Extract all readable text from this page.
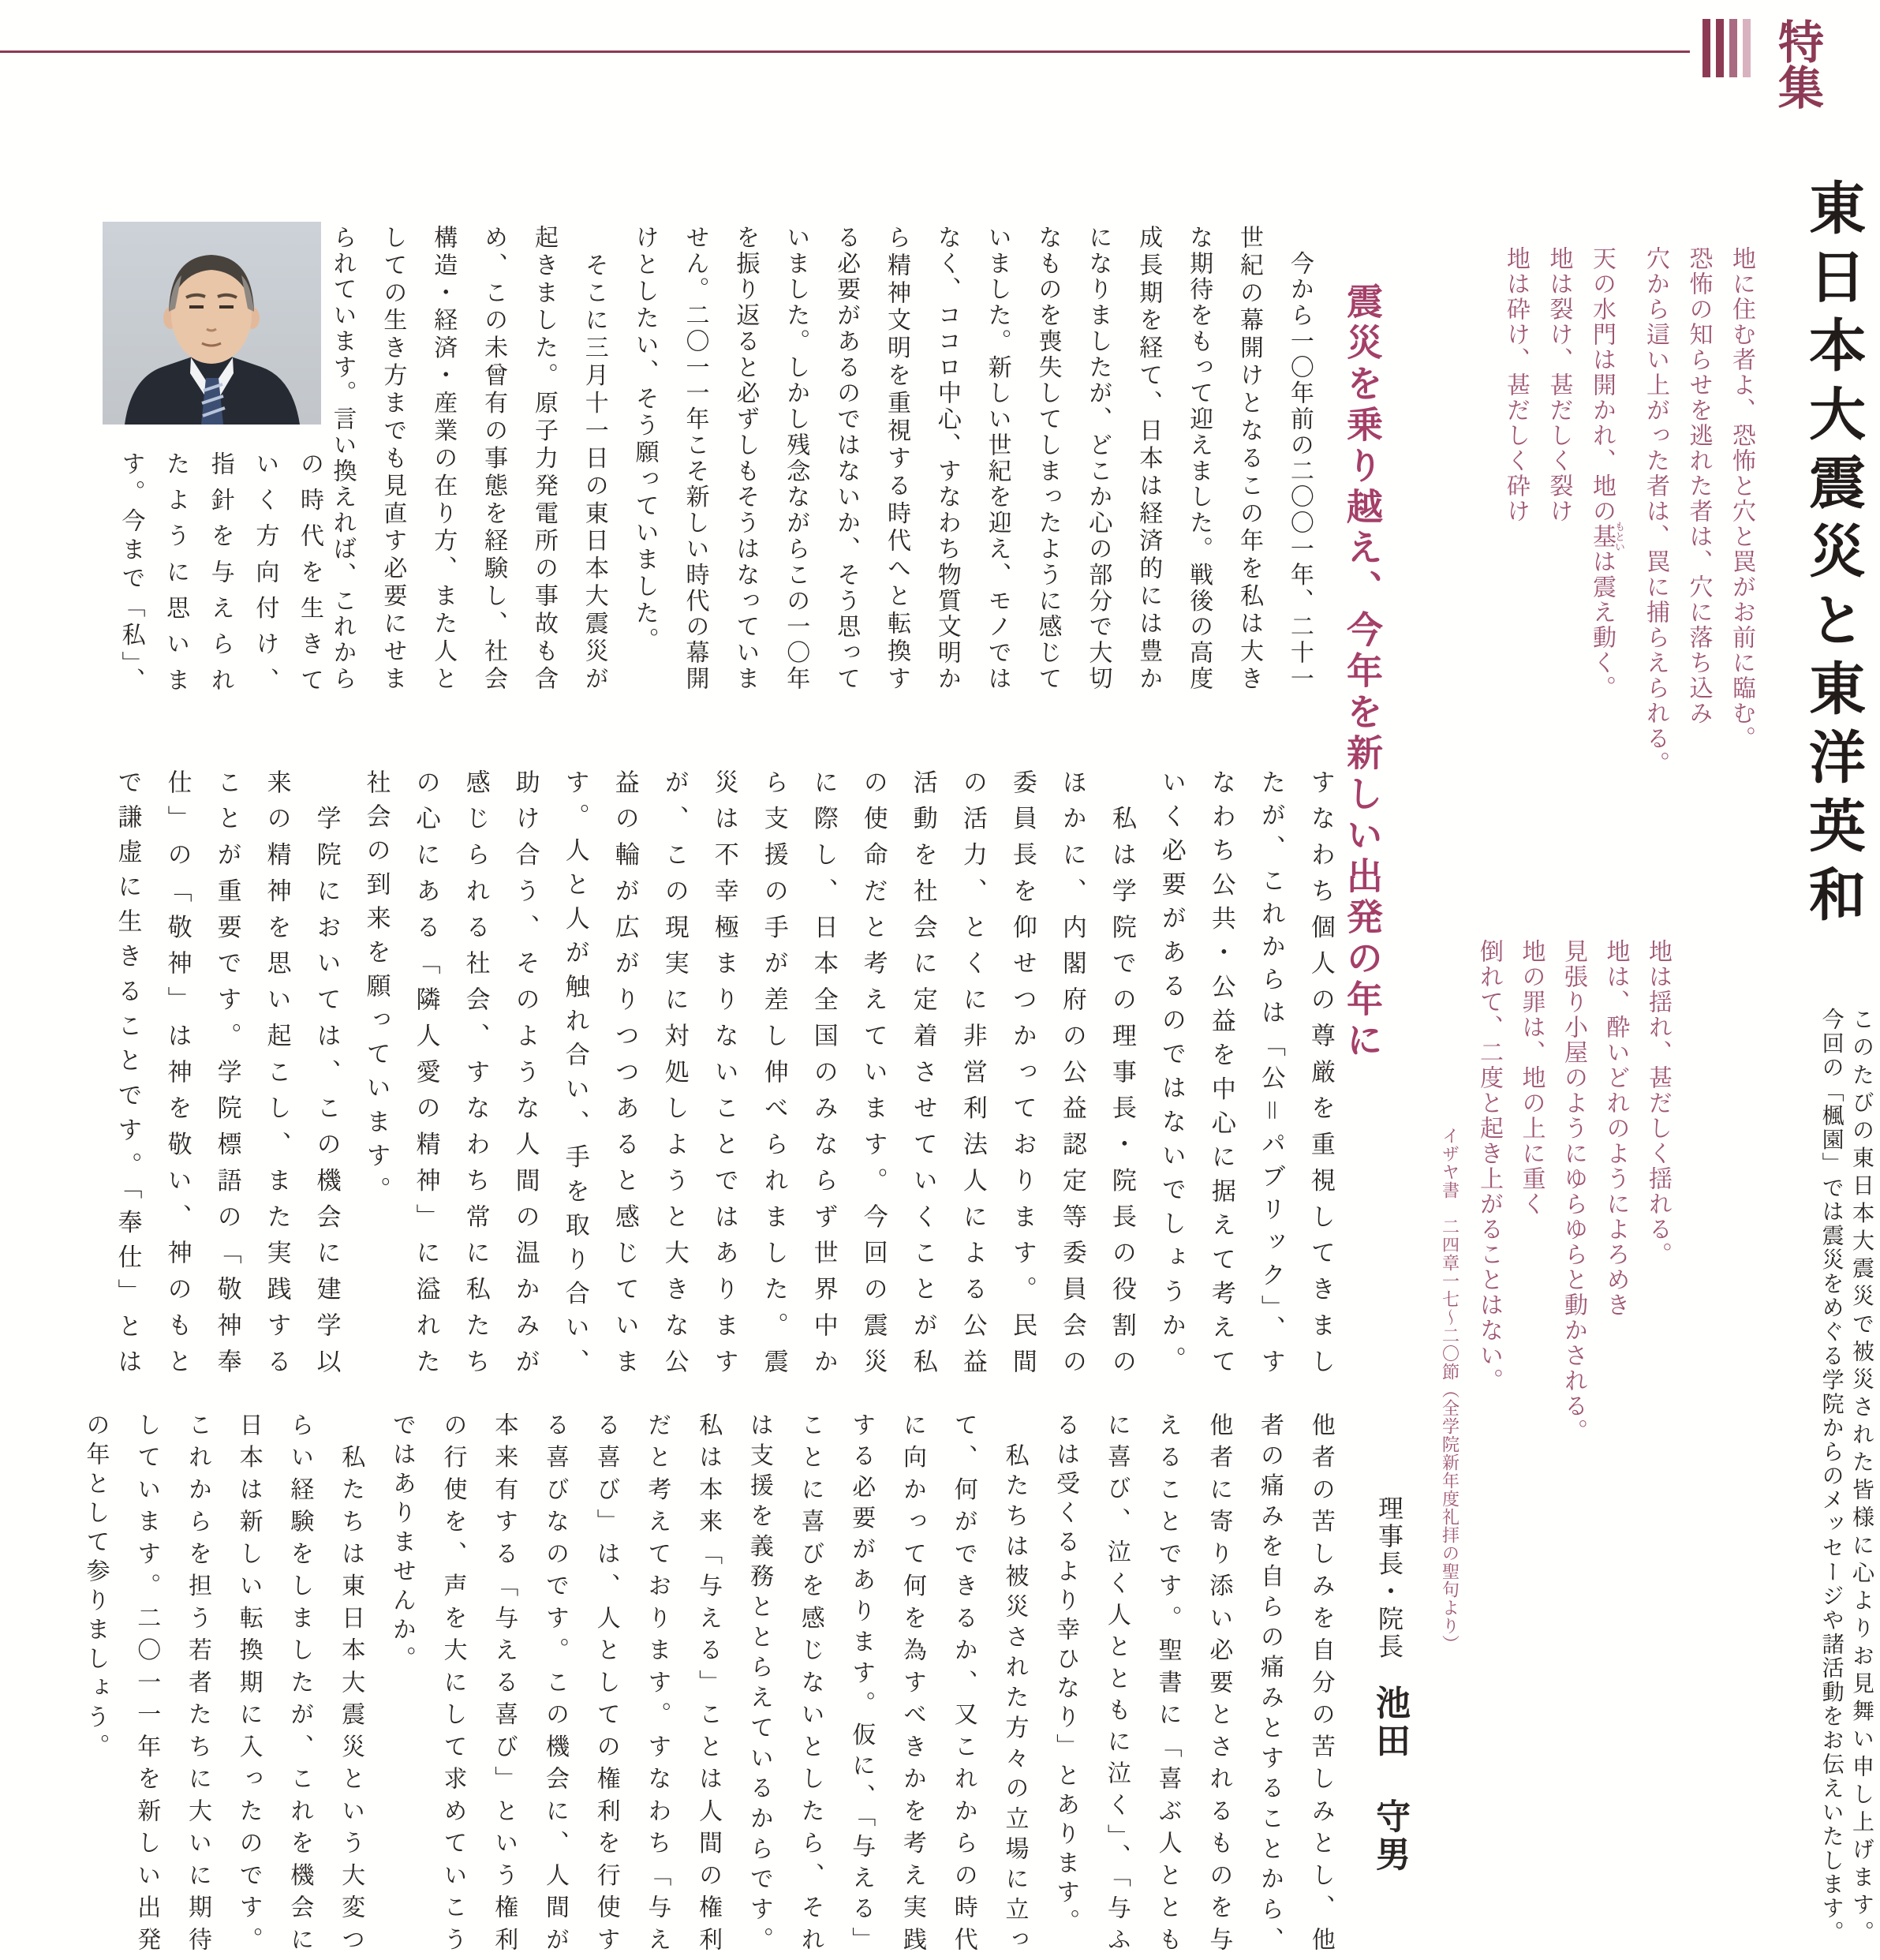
特集
東日本大震災と東洋英和
このたびの東日本大震災で被災された皆様に心よりお見舞い申し上げます。
今回の「楓園」では震災をめぐる学院からのメッセージや諸活動をお伝えいたします。
地に住む者よ、恐怖と穴と罠がお前に臨む。
恐怖の知らせを逃れた者は、穴に落ち込み
穴から這い上がった者は、罠に捕らえられる。
天の水門は開かれ、地の基もといは震え動く。
地は裂け、甚だしく裂け
地は砕け、甚だしく砕け
地は揺れ、甚だしく揺れる。
地は、酔いどれのようによろめき
見張り小屋のようにゆらゆらと動かされる。
地の罪は、地の上に重く
倒れて、二度と起き上がることはない。
イザヤ書　二四章一七～二〇節（全学院新年度礼拝の聖句より）
震災を乗り越え、今年を新しい出発の年に
理事長・院長 池田　守男
　今から一〇年前の二〇〇一年、二十一
世紀の幕開けとなるこの年を私は大き
な期待をもって迎えました。戦後の高度
成長期を経て、日本は経済的には豊か
になりましたが、どこか心の部分で大切
なものを喪失してしまったように感じて
いました。新しい世紀を迎え、モノでは
なく、ココロ中心、すなわち物質文明か
ら精神文明を重視する時代へと転換す
る必要があるのではないか、そう思って
いました。しかし残念ながらこの一〇年
を振り返ると必ずしもそうはなっていま
せん。二〇一一年こそ新しい時代の幕開
けとしたい、そう願っていました。
　そこに三月十一日の東日本大震災が
起きました。原子力発電所の事故も含
め、この未曾有の事態を経験し、社会
構造・経済・産業の在り方、また人と
しての生き方までも見直す必要にせま
られています。言い換えれば、これから
の時代を生きて
いく方向付け、
指針を与えられ
たように思いま
す。今まで「私」、
すなわち個人の尊厳を重視してきまし
たが、これからは「公＝パブリック」、す
なわち公共・公益を中心に据えて考えて
いく必要があるのではないでしょうか。
　私は学院での理事長・院長の役割の
ほかに、内閣府の公益認定等委員会の
委員長を仰せつかっております。民間
の活力、とくに非営利法人による公益
活動を社会に定着させていくことが私
の使命だと考えています。今回の震災
に際し、日本全国のみならず世界中か
ら支援の手が差し伸べられました。震
災は不幸極まりないことではあります
が、この現実に対処しようと大きな公
益の輪が広がりつつあると感じていま
す。人と人が触れ合い、手を取り合い、
助け合う、そのような人間の温かみが
感じられる社会、すなわち常に私たち
の心にある「隣人愛の精神」に溢れた
社会の到来を願っています。
　学院においては、この機会に建学以
来の精神を思い起こし、また実践する
ことが重要です。学院標語の「敬神奉
仕」の「敬神」は神を敬い、神のもと
で謙虚に生きることです。「奉仕」とは
他者の苦しみを自分の苦しみとし、他
者の痛みを自らの痛みとすることから、
他者に寄り添い必要とされるものを与
えることです。聖書に「喜ぶ人ととも
に喜び、泣く人とともに泣く」、「与ふ
るは受くるより幸ひなり」とあります。
　私たちは被災された方々の立場に立っ
て、何ができるか、又これからの時代
に向かって何を為すべきかを考え実践
する必要があります。仮に、「与える」
ことに喜びを感じないとしたら、それ
は支援を義務ととらえているからです。
私は本来「与える」ことは人間の権利
だと考えております。すなわち「与え
る喜び」は、人としての権利を行使す
る喜びなのです。この機会に、人間が
本来有する「与える喜び」という権利
の行使を、声を大にして求めていこう
ではありませんか。
　私たちは東日本大震災という大変つ
らい経験をしましたが、これを機会に
日本は新しい転換期に入ったのです。
これからを担う若者たちに大いに期待
しています。二〇一一年を新しい出発
の年として参りましょう。
